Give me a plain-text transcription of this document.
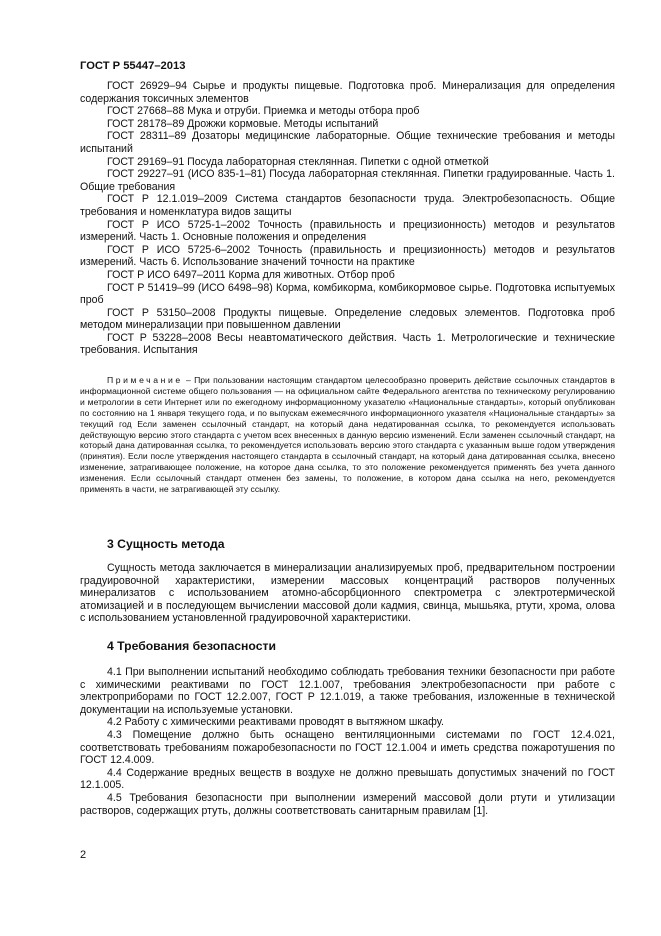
ГОСТ Р 55447–2013

ГОСТ 26929–94 Сырье и продукты пищевые. Подготовка проб. Минерализация для определения содержания токсичных элементов

ГОСТ 27668–88 Мука и отруби. Приемка и методы отбора проб

ГОСТ 28178–89 Дрожжи кормовые. Методы испытаний

ГОСТ 28311–89 Дозаторы медицинские лабораторные. Общие технические требования и методы испытаний

ГОСТ 29169–91 Посуда лабораторная стеклянная. Пипетки с одной отметкой

ГОСТ 29227–91 (ИСО 835-1–81) Посуда лабораторная стеклянная. Пипетки градуированные. Часть 1. Общие требования

ГОСТ Р 12.1.019–2009 Система стандартов безопасности труда. Электробезопасность. Общие требования и номенклатура видов защиты

ГОСТ Р ИСО 5725-1–2002 Точность (правильность и прецизионность) методов и результатов измерений. Часть 1. Основные положения и определения

ГОСТ Р ИСО 5725-6–2002 Точность (правильность и прецизионность) методов и результатов измерений. Часть 6. Использование значений точности на практике

ГОСТ Р ИСО 6497–2011 Корма для животных. Отбор проб

ГОСТ Р 51419–99 (ИСО 6498–98) Корма, комбикорма, комбикормовое сырье. Подготовка испытуемых проб

ГОСТ Р 53150–2008 Продукты пищевые. Определение следовых элементов. Подготовка проб методом минерализации при повышенном давлении

ГОСТ Р 53228–2008 Весы неавтоматического действия. Часть 1. Метрологические и технические требования. Испытания

Примечание – При пользовании настоящим стандартом целесообразно проверить действие ссылочных стандартов в информационной системе общего пользования — на официальном сайте Федерального агентства по техническому регулированию и метрологии в сети Интернет или по ежегодному информационному указателю «Национальные стандарты», который опубликован по состоянию на 1 января текущего года, и по выпускам ежемесячного информационного указателя «Национальные стандарты» за текущий год Если заменен ссылочный стандарт, на который дана недатированная ссылка, то рекомендуется использовать действующую версию этого стандарта с учетом всех внесенных в данную версию изменений. Если заменен ссылочный стандарт, на который дана датированная ссылка, то рекомендуется использовать версию этого стандарта с указанным выше годом утверждения (принятия). Если после утверждения настоящего стандарта в ссылочный стандарт, на который дана датированная ссылка, внесено изменение, затрагивающее положение, на которое дана ссылка, то это положение рекомендуется применять без учета данного изменения. Если ссылочный стандарт отменен без замены, то положение, в котором дана ссылка на него, рекомендуется применять в части, не затрагивающей эту ссылку.

3 Сущность метода

Сущность метода заключается в минерализации анализируемых проб, предварительном построении градуировочной характеристики, измерении массовых концентраций растворов полученных минерализатов с использованием атомно-абсорбционного спектрометра с электротермической атомизацией и в последующем вычислении массовой доли кадмия, свинца, мышьяка, ртути, хрома, олова с использованием установленной градуировочной характеристики.

4 Требования безопасности

4.1 При выполнении испытаний необходимо соблюдать требования техники безопасности при работе с химическими реактивами по ГОСТ 12.1.007, требования электробезопасности при работе с электроприборами по ГОСТ 12.2.007, ГОСТ Р 12.1.019, а также требования, изложенные в технической документации на используемые установки.

4.2 Работу с химическими реактивами проводят в вытяжном шкафу.

4.3 Помещение должно быть оснащено вентиляционными системами по ГОСТ 12.4.021, соответствовать требованиям пожаробезопасности по ГОСТ 12.1.004 и иметь средства пожаротушения по ГОСТ 12.4.009.

4.4 Содержание вредных веществ в воздухе не должно превышать допустимых значений по ГОСТ 12.1.005.

4.5 Требования безопасности при выполнении измерений массовой доли ртути и утилизации растворов, содержащих ртуть, должны соответствовать санитарным правилам [1].

2
